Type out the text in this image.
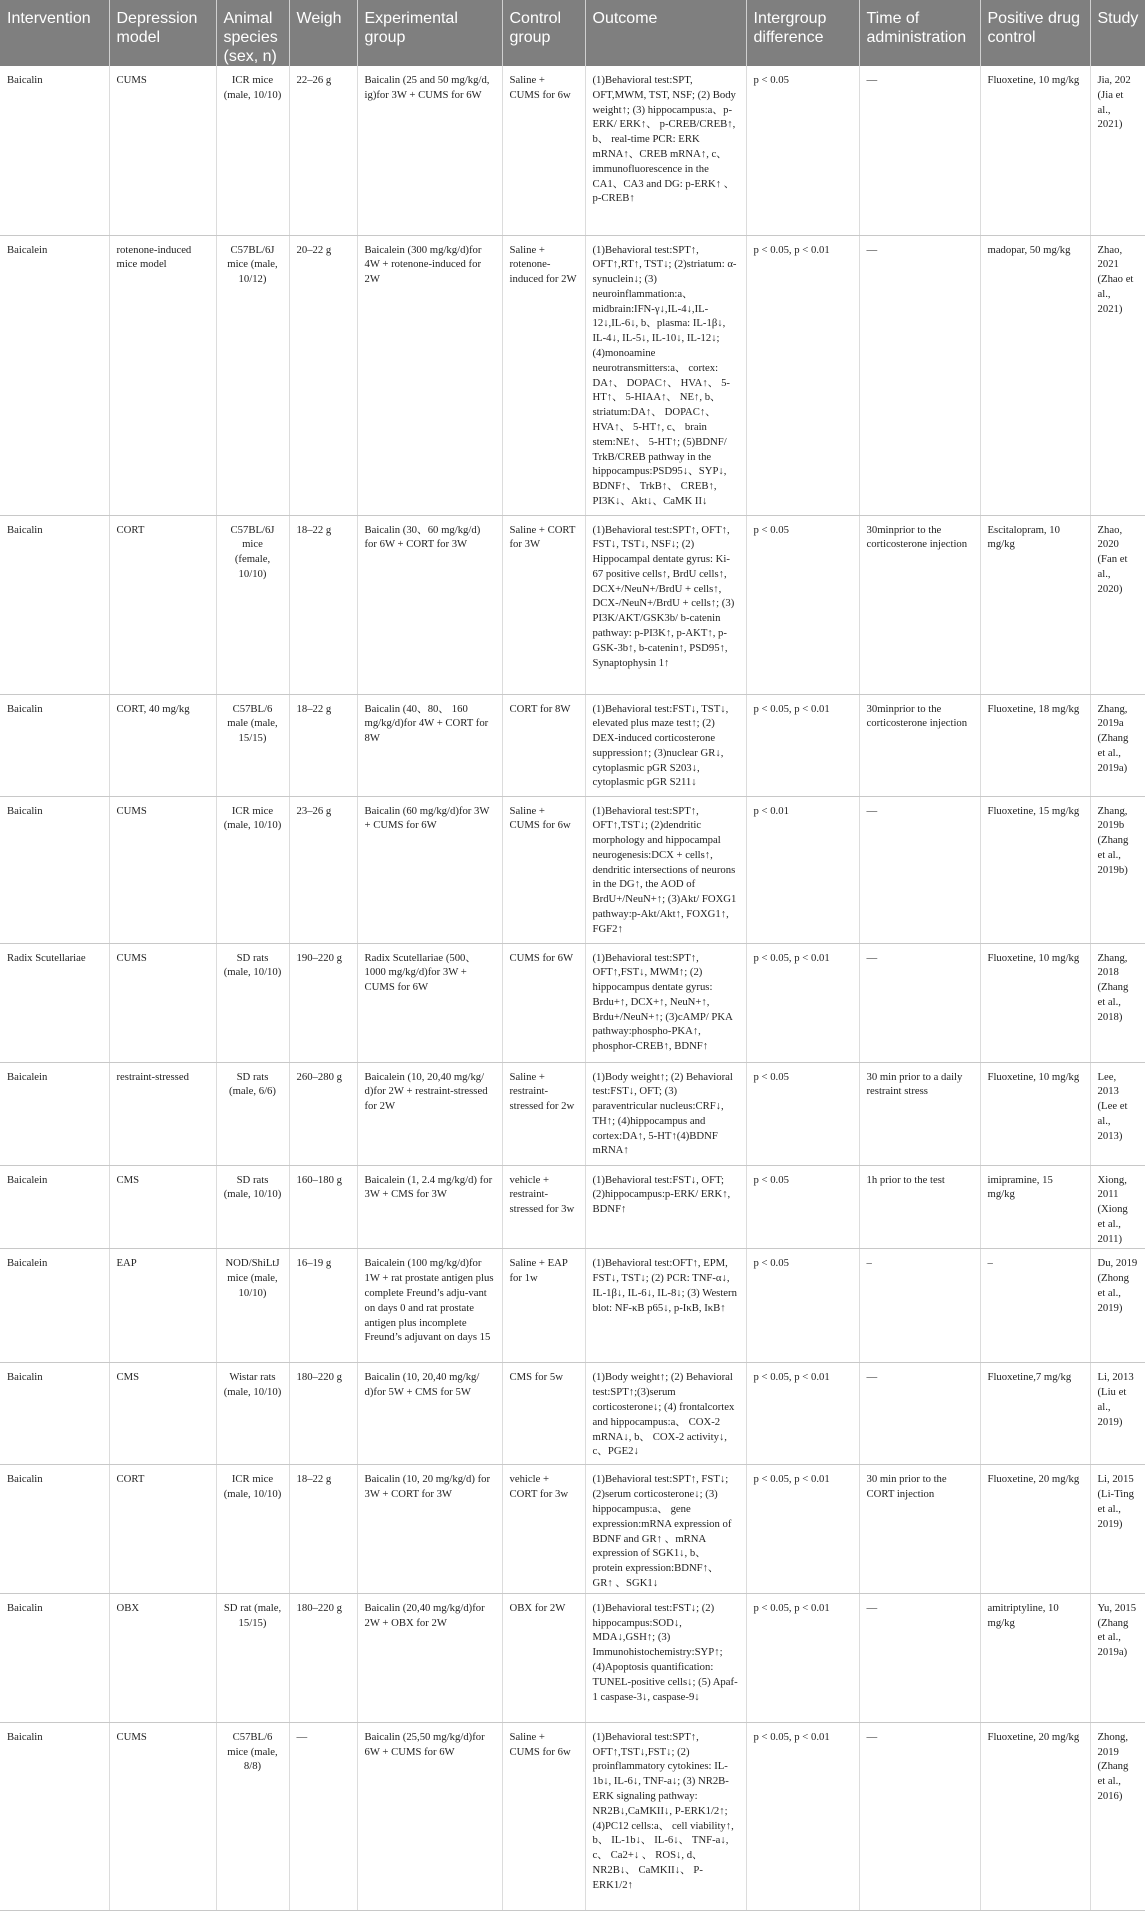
Intervention	Depression model	Animal species (sex, n)	Weigh	Experimental group	Control group	Outcome	Intergroup difference	Time of administration	Positive drug control	Study
Baicalin	CUMS	ICR mice (male, 10/10)	22–26 g	Baicalin (25 and 50 mg/kg/d, ig)for 3W + CUMS for 6W	Saline + CUMS for 6w	(1)Behavioral test:SPT, OFT,MWM, TST, NSF; (2) Body weight↑; (3) hippocampus:a、p-ERK/ ERK↑、 p-CREB/CREB↑, b、 real-time PCR: ERK mRNA↑、CREB mRNA↑, c、 immunofluorescence in the CA1、CA3 and DG: p-ERK↑ 、p-CREB↑	p < 0.05	—	Fluoxetine, 10 mg/kg	Jia, 202 (Jia et al., 2021)
Baicalein	rotenone-induced mice model	C57BL/6J mice (male, 10/12)	20–22 g	Baicalein (300 mg/kg/d)for 4W + rotenone-induced for 2W	Saline + rotenone-induced for 2W	(1)Behavioral test:SPT↑, OFT↑,RT↑, TST↓; (2)striatum: α-synuclein↓; (3) neuroinflammation:a、 midbrain:IFN-γ↓,IL-4↓,IL-12↓,IL-6↓, b、plasma: IL-1β↓, IL-4↓, IL-5↓, IL-10↓, IL-12↓; (4)monoamine neurotransmitters:a、 cortex: DA↑、 DOPAC↑、 HVA↑、 5-HT↑、 5-HIAA↑、 NE↑, b、 striatum:DA↑、 DOPAC↑、 HVA↑、 5-HT↑, c、 brain stem:NE↑、 5-HT↑; (5)BDNF/ TrkB/CREB pathway in the hippocampus:PSD95↓、SYP↓, BDNF↑、 TrkB↑、 CREB↑, PI3K↓、Akt↓、CaMK II↓	p < 0.05, p < 0.01	—	madopar, 50 mg/kg	Zhao, 2021 (Zhao et al., 2021)
Baicalin	CORT	C57BL/6J mice (female, 10/10)	18–22 g	Baicalin (30、60 mg/kg/d) for 6W + CORT for 3W	Saline + CORT for 3W	(1)Behavioral test:SPT↑, OFT↑, FST↓, TST↓, NSF↓; (2) Hippocampal dentate gyrus: Ki-67 positive cells↑, BrdU cells↑, DCX+/NeuN+/BrdU + cells↑, DCX-/NeuN+/BrdU + cells↑; (3) PI3K/AKT/GSK3b/ b-catenin pathway: p-PI3K↑, p-AKT↑, p-GSK-3b↑, b-catenin↑, PSD95↑, Synaptophysin 1↑	p < 0.05	30minprior to the corticosterone injection	Escitalopram, 10 mg/kg	Zhao, 2020 (Fan et al., 2020)
Baicalin	CORT, 40 mg/kg	C57BL/6 male (male, 15/15)	18–22 g	Baicalin (40、80、 160 mg/kg/d)for 4W + CORT for 8W	CORT for 8W	(1)Behavioral test:FST↓, TST↓, elevated plus maze test↑; (2) DEX-induced corticosterone suppression↑; (3)nuclear GR↓, cytoplasmic pGR S203↓, cytoplasmic pGR S211↓	p < 0.05, p < 0.01	30minprior to the corticosterone injection	Fluoxetine, 18 mg/kg	Zhang, 2019a (Zhang et al., 2019a)
Baicalin	CUMS	ICR mice (male, 10/10)	23–26 g	Baicalin (60 mg/kg/d)for 3W + CUMS for 6W	Saline + CUMS for 6w	(1)Behavioral test:SPT↑, OFT↑,TST↓; (2)dendritic morphology and hippocampal neurogenesis:DCX + cells↑, dendritic intersections of neurons in the DG↑, the AOD of BrdU+/NeuN+↑; (3)Akt/ FOXG1 pathway:p-Akt/Akt↑, FOXG1↑, FGF2↑	p < 0.01	—	Fluoxetine, 15 mg/kg	Zhang, 2019b (Zhang et al., 2019b)
Radix Scutellariae	CUMS	SD rats (male, 10/10)	190–220 g	Radix Scutellariae (500、 1000 mg/kg/d)for 3W + CUMS for 6W	CUMS for 6W	(1)Behavioral test:SPT↑, OFT↑,FST↓, MWM↑; (2) hippocampus dentate gyrus: Brdu+↑, DCX+↑, NeuN+↑, Brdu+/NeuN+↑; (3)cAMP/ PKA pathway:phospho-PKA↑, phosphor-CREB↑, BDNF↑	p < 0.05, p < 0.01	—	Fluoxetine, 10 mg/kg	Zhang, 2018 (Zhang et al., 2018)
Baicalein	restraint-stressed	SD rats (male, 6/6)	260–280 g	Baicalein (10, 20,40 mg/kg/ d)for 2W + restraint-stressed for 2W	Saline + restraint-stressed for 2w	(1)Body weight↑; (2) Behavioral test:FST↓, OFT; (3) paraventricular nucleus:CRF↓, TH↑; (4)hippocampus and cortex:DA↑, 5-HT↑(4)BDNF mRNA↑	p < 0.05	30 min prior to a daily restraint stress	Fluoxetine, 10 mg/kg	Lee, 2013 (Lee et al., 2013)
Baicalein	CMS	SD rats (male, 10/10)	160–180 g	Baicalein (1, 2.4 mg/kg/d) for 3W + CMS for 3W	vehicle + restraint-stressed for 3w	(1)Behavioral test:FST↓, OFT; (2)hippocampus:p-ERK/ ERK↑, BDNF↑	p < 0.05	1h prior to the test	imipramine, 15 mg/kg	Xiong, 2011 (Xiong et al., 2011)
Baicalein	EAP	NOD/ShiLtJ mice (male, 10/10)	16–19 g	Baicalein (100 mg/kg/d)for 1W + rat prostate antigen plus complete Freund’s adju-vant on days 0 and rat prostate antigen plus incomplete Freund’s adjuvant on days 15	Saline + EAP for 1w	(1)Behavioral test:OFT↑, EPM, FST↓, TST↓; (2) PCR: TNF-α↓, IL-1β↓, IL-6↓, IL-8↓; (3) Western blot: NF-κB p65↓, p-IκB, IκB↑	p < 0.05	–	–	Du, 2019 (Zhong et al., 2019)
Baicalin	CMS	Wistar rats (male, 10/10)	180–220 g	Baicalin (10, 20,40 mg/kg/ d)for 5W + CMS for 5W	CMS for 5w	(1)Body weight↑; (2) Behavioral test:SPT↑;(3)serum corticosterone↓; (4) frontalcortex and hippocampus:a、 COX-2 mRNA↓, b、 COX-2 activity↓, c、PGE2↓	p < 0.05, p < 0.01	—	Fluoxetine,7 mg/kg	Li, 2013 (Liu et al., 2019)
Baicalin	CORT	ICR mice (male, 10/10)	18–22 g	Baicalin (10, 20 mg/kg/d) for 3W + CORT for 3W	vehicle + CORT for 3w	(1)Behavioral test:SPT↑, FST↓; (2)serum corticosterone↓; (3) hippocampus:a、 gene expression:mRNA expression of BDNF and GR↑ 、mRNA expression of SGK1↓, b、 protein expression:BDNF↑、 GR↑ 、SGK1↓	p < 0.05, p < 0.01	30 min prior to the CORT injection	Fluoxetine, 20 mg/kg	Li, 2015 (Li-Ting et al., 2019)
Baicalin	OBX	SD rat (male, 15/15)	180–220 g	Baicalin (20,40 mg/kg/d)for 2W + OBX for 2W	OBX for 2W	(1)Behavioral test:FST↓; (2) hippocampus:SOD↓, MDA↓,GSH↑; (3) Immunohistochemistry:SYP↑; (4)Apoptosis quantification: TUNEL-positive cells↓; (5) Apaf-1 caspase-3↓, caspase-9↓	p < 0.05, p < 0.01	—	amitriptyline, 10 mg/kg	Yu, 2015 (Zhang et al., 2019a)
Baicalin	CUMS	C57BL/6 mice (male, 8/8)	—	Baicalin (25,50 mg/kg/d)for 6W + CUMS for 6W	Saline + CUMS for 6w	(1)Behavioral test:SPT↑, OFT↑,TST↓,FST↓; (2) proinflammatory cytokines: IL-1b↓, IL-6↓, TNF-a↓; (3) NR2B-ERK signaling pathway: NR2B↓,CaMKII↓, P-ERK1/2↑; (4)PC12 cells:a、 cell viability↑, b、 IL-1b↓、 IL-6↓、 TNF-a↓, c、 Ca2+↓ 、 ROS↓, d、 NR2B↓、 CaMKII↓、 P-ERK1/2↑	p < 0.05, p < 0.01	—	Fluoxetine, 20 mg/kg	Zhong, 2019 (Zhang et al., 2016)
